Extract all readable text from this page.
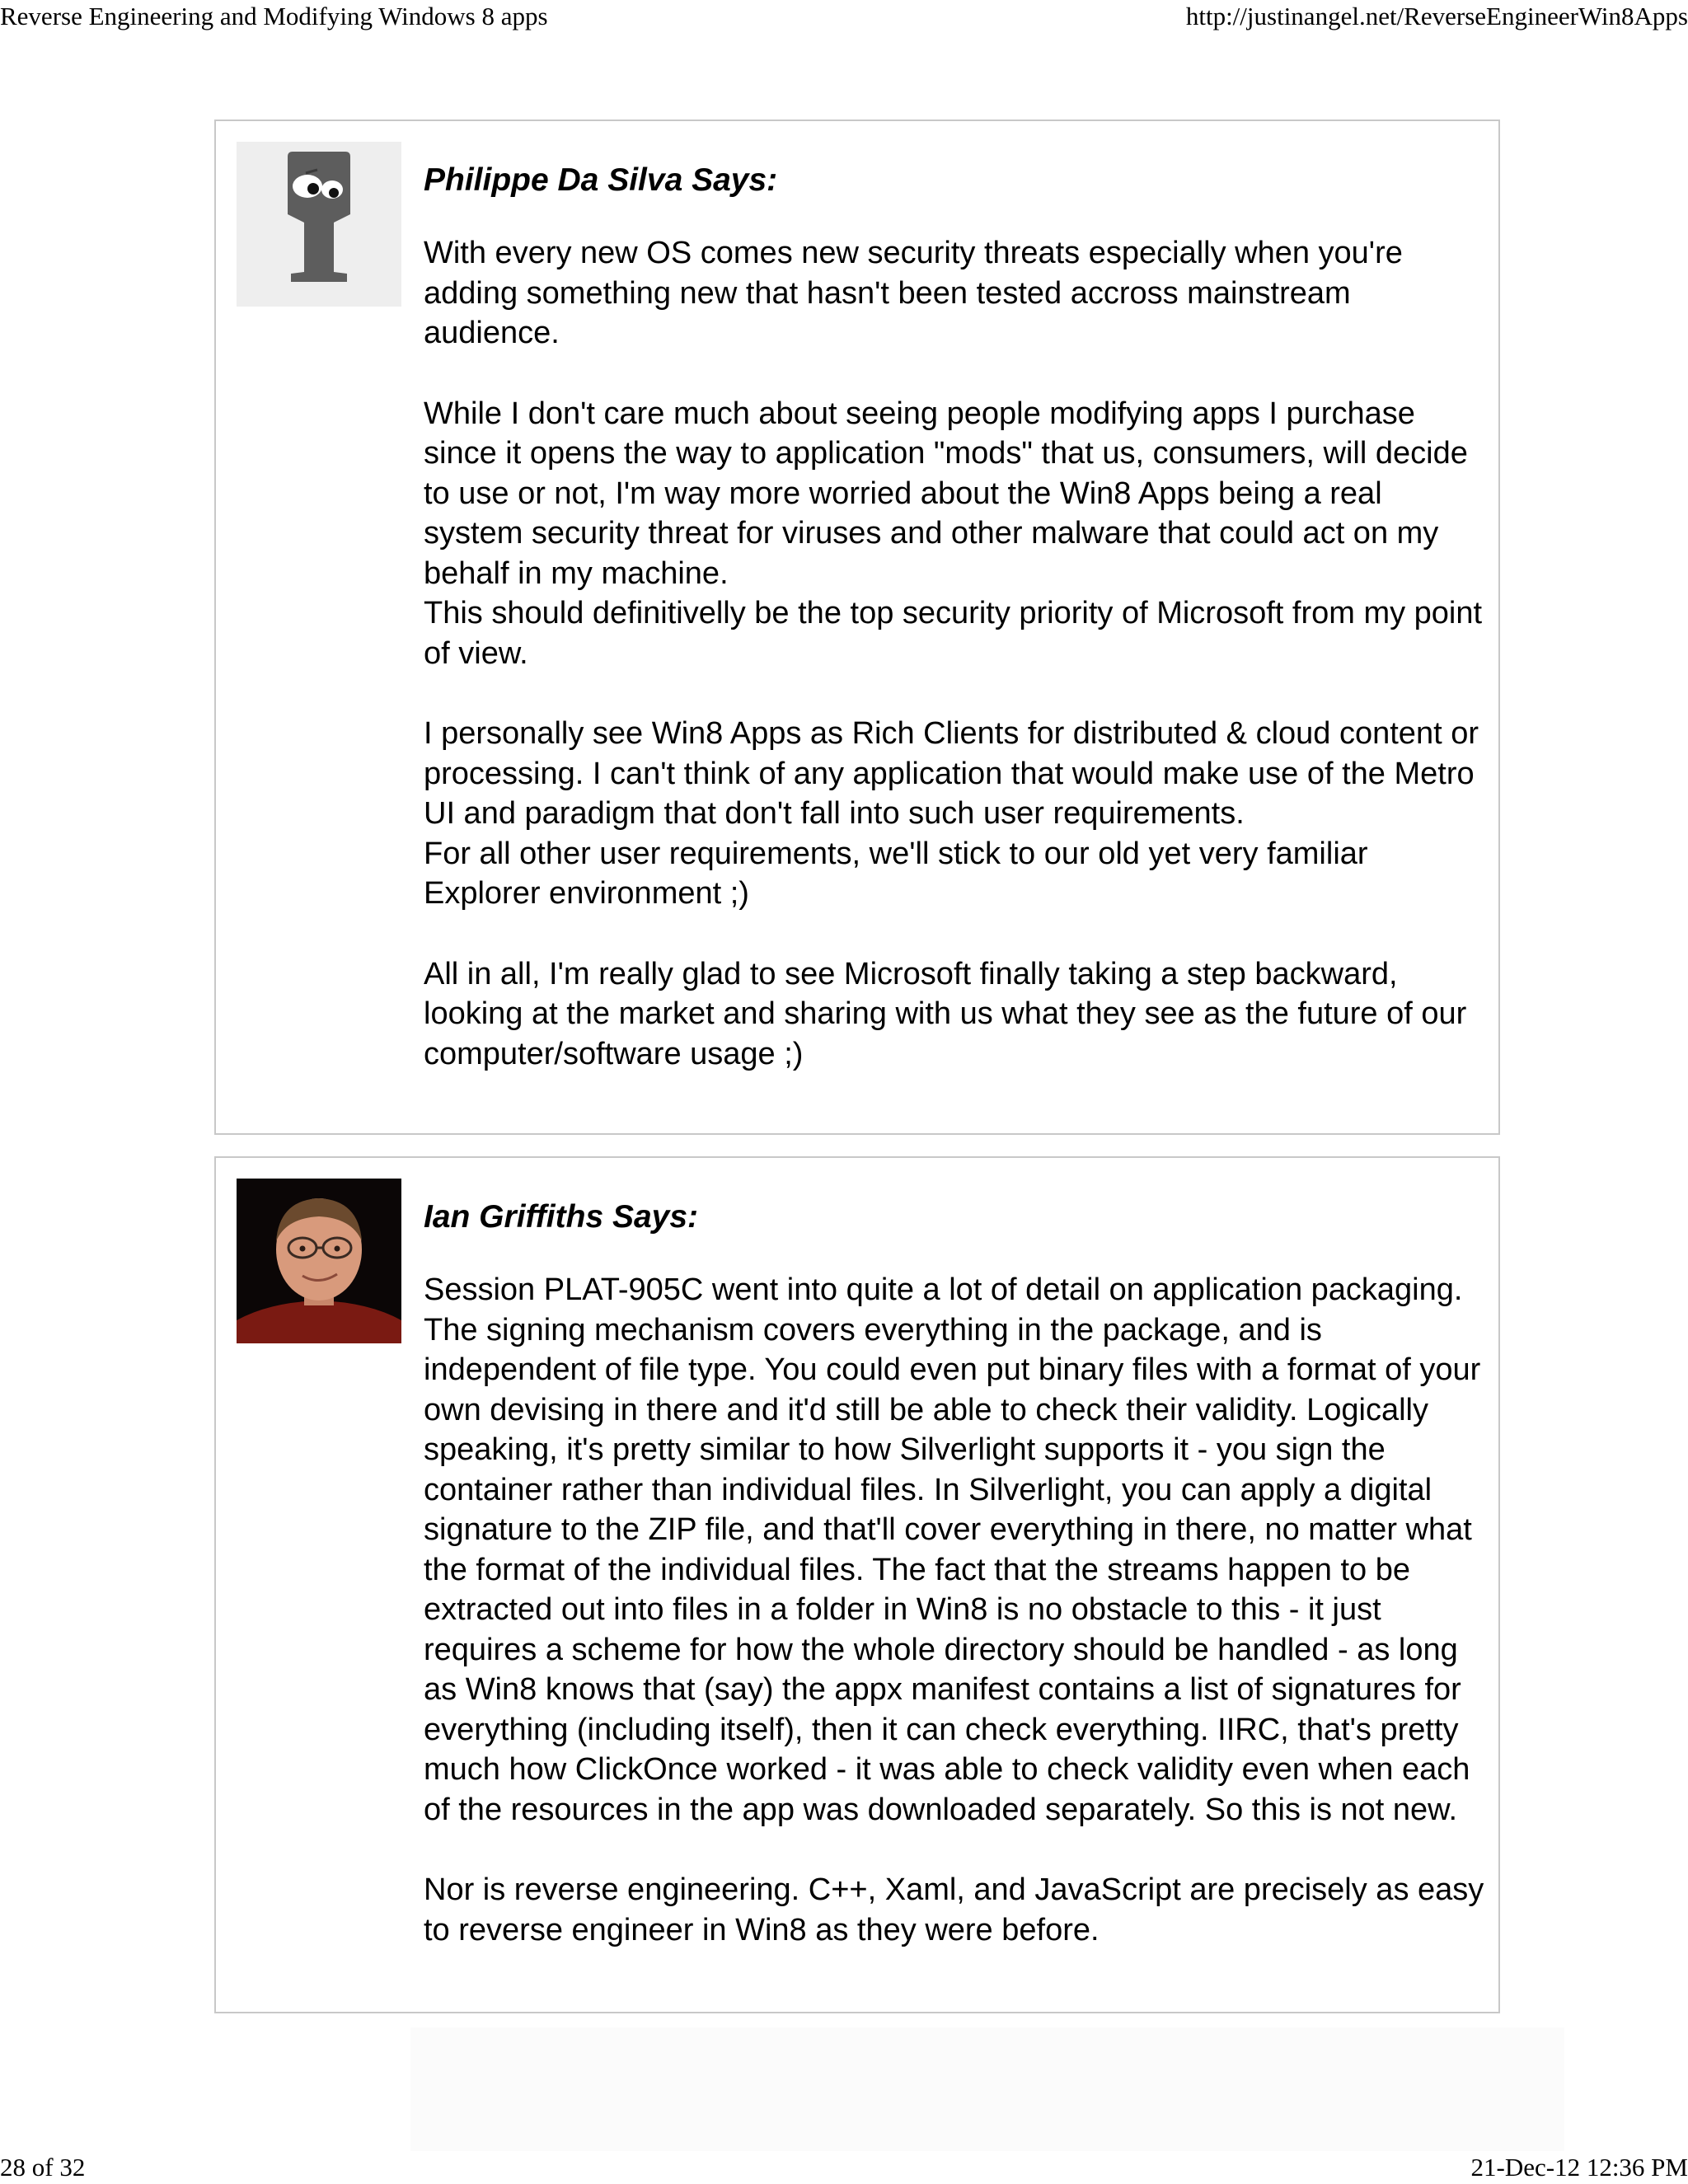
Reverse Engineering and Modifying Windows 8 apps	http://justinangel.net/ReverseEngineerWin8Apps
Philippe Da Silva Says:

With every new OS comes new security threats especially when you're adding something new that hasn't been tested accross mainstream audience.

While I don't care much about seeing people modifying apps I purchase since it opens the way to application "mods" that us, consumers, will decide to use or not, I'm way more worried about the Win8 Apps being a real system security threat for viruses and other malware that could act on my behalf in my machine.
This should definitivelly be the top security priority of Microsoft from my point of view.

I personally see Win8 Apps as Rich Clients for distributed & cloud content or processing. I can't think of any application that would make use of the Metro UI and paradigm that don't fall into such user requirements.
For all other user requirements, we'll stick to our old yet very familiar Explorer environment ;)

All in all, I'm really glad to see Microsoft finally taking a step backward, looking at the market and sharing with us what they see as the future of our computer/software usage ;)

Ian Griffiths Says:

Session PLAT-905C went into quite a lot of detail on application packaging. The signing mechanism covers everything in the package, and is independent of file type. You could even put binary files with a format of your own devising in there and it'd still be able to check their validity. Logically speaking, it's pretty similar to how Silverlight supports it - you sign the container rather than individual files. In Silverlight, you can apply a digital signature to the ZIP file, and that'll cover everything in there, no matter what the format of the individual files. The fact that the streams happen to be extracted out into files in a folder in Win8 is no obstacle to this - it just requires a scheme for how the whole directory should be handled - as long as Win8 knows that (say) the appx manifest contains a list of signatures for everything (including itself), then it can check everything. IIRC, that's pretty much how ClickOnce worked - it was able to check validity even when each of the resources in the app was downloaded separately. So this is not new.

Nor is reverse engineering. C++, Xaml, and JavaScript are precisely as easy to reverse engineer in Win8 as they were before.

28 of 32	21-Dec-12 12:36 PM
